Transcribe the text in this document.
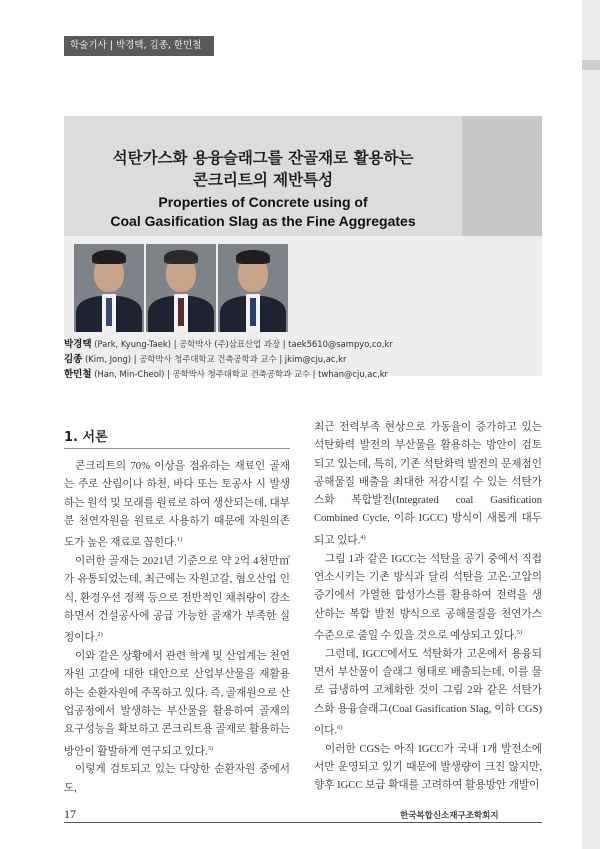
학술기사 | 박경택, 김종, 한민철
석탄가스화 용융슬래그를 잔골재로 활용하는
콘크리트의 제반특성
Properties of Concrete using of
Coal Gasification Slag as the Fine Aggregates
박경택 (Park, Kyung-Taek) | 공학박사 (주)삼표산업 과장 | taek5610@sampyo,co,kr
김종 (Kim, Jong) | 공학박사 청주대학교 건축공학과 교수 | jkim@cju,ac,kr
한민철 (Han, Min-Cheol) | 공학박사 청주대학교 건축공학과 교수 | twhan@cju,ac,kr
1. 서론

콘크리트의 70% 이상을 점유하는 재료인 골재는 주로 산림이나 하천, 바다 또는 토공사 시 발생하는 원석 및 모래를 원료로 하여 생산되는데, 대부분 천연자원을 원료로 사용하기 때문에 자원의존도가 높은 재료로 꼽힌다.$^{1)}$

이러한 골재는 2021년 기준으로 약 2억 4천만㎥가 유통되었는데, 최근에는 자원고갈, 혐오산업 인식, 환경우선 정책 등으로 전반적인 채취량이 감소하면서 건설공사에 공급 가능한 골재가 부족한 실정이다.$^{2)}$

이와 같은 상황에서 관련 학계 및 산업계는 천연자원 고갈에 대한 대안으로 산업부산물을 재활용하는 순환자원에 주목하고 있다. 즉, 골재원으로 산업공정에서 발생하는 부산물을 활용하여 골재의 요구성능을 확보하고 콘크리트용 골재로 활용하는 방안이 활발하게 연구되고 있다.$^{3)}$

이렇게 검토되고 있는 다양한 순환자원 중에서도,

최근 전력부족 현상으로 가동율이 증가하고 있는 석탄화력 발전의 부산물을 활용하는 방안이 검토되고 있는데, 특히, 기존 석탄화력 발전의 문제점인 공해물질 배출을 최대한 저감시킬 수 있는 석탄가스화 복합발전(Integrated coal Gasification Combined Cycle, 이하 IGCC) 방식이 새롭게 대두되고 있다.$^{4)}$

그림 1과 같은 IGCC는 석탄을 공기 중에서 직접 연소시키는 기존 방식과 달리 석탄을 고온·고압의 증기에서 가열한 합성가스를 활용하여 전력을 생산하는 복합 발전 방식으로 공해물질을 천연가스 수준으로 줄일 수 있을 것으로 예상되고 있다.$^{5)}$

그런데, IGCC에서도 석탄화가 고온에서 용융되면서 부산물이 슬래그 형태로 배출되는데, 이를 물로 급냉하여 고체화한 것이 그림 2와 같은 석탄가스화 용융슬래그(Coal Gasification Slag, 이하 CGS)이다.$^{6)}$

이러한 CGS는 아직 IGCC가 국내 1개 발전소에서만 운영되고 있기 때문에 발생량이 크진 않지만, 향후 IGCC 보급 확대를 고려하여 활용방안 개발이

17	한국복합신소재구조학회지
